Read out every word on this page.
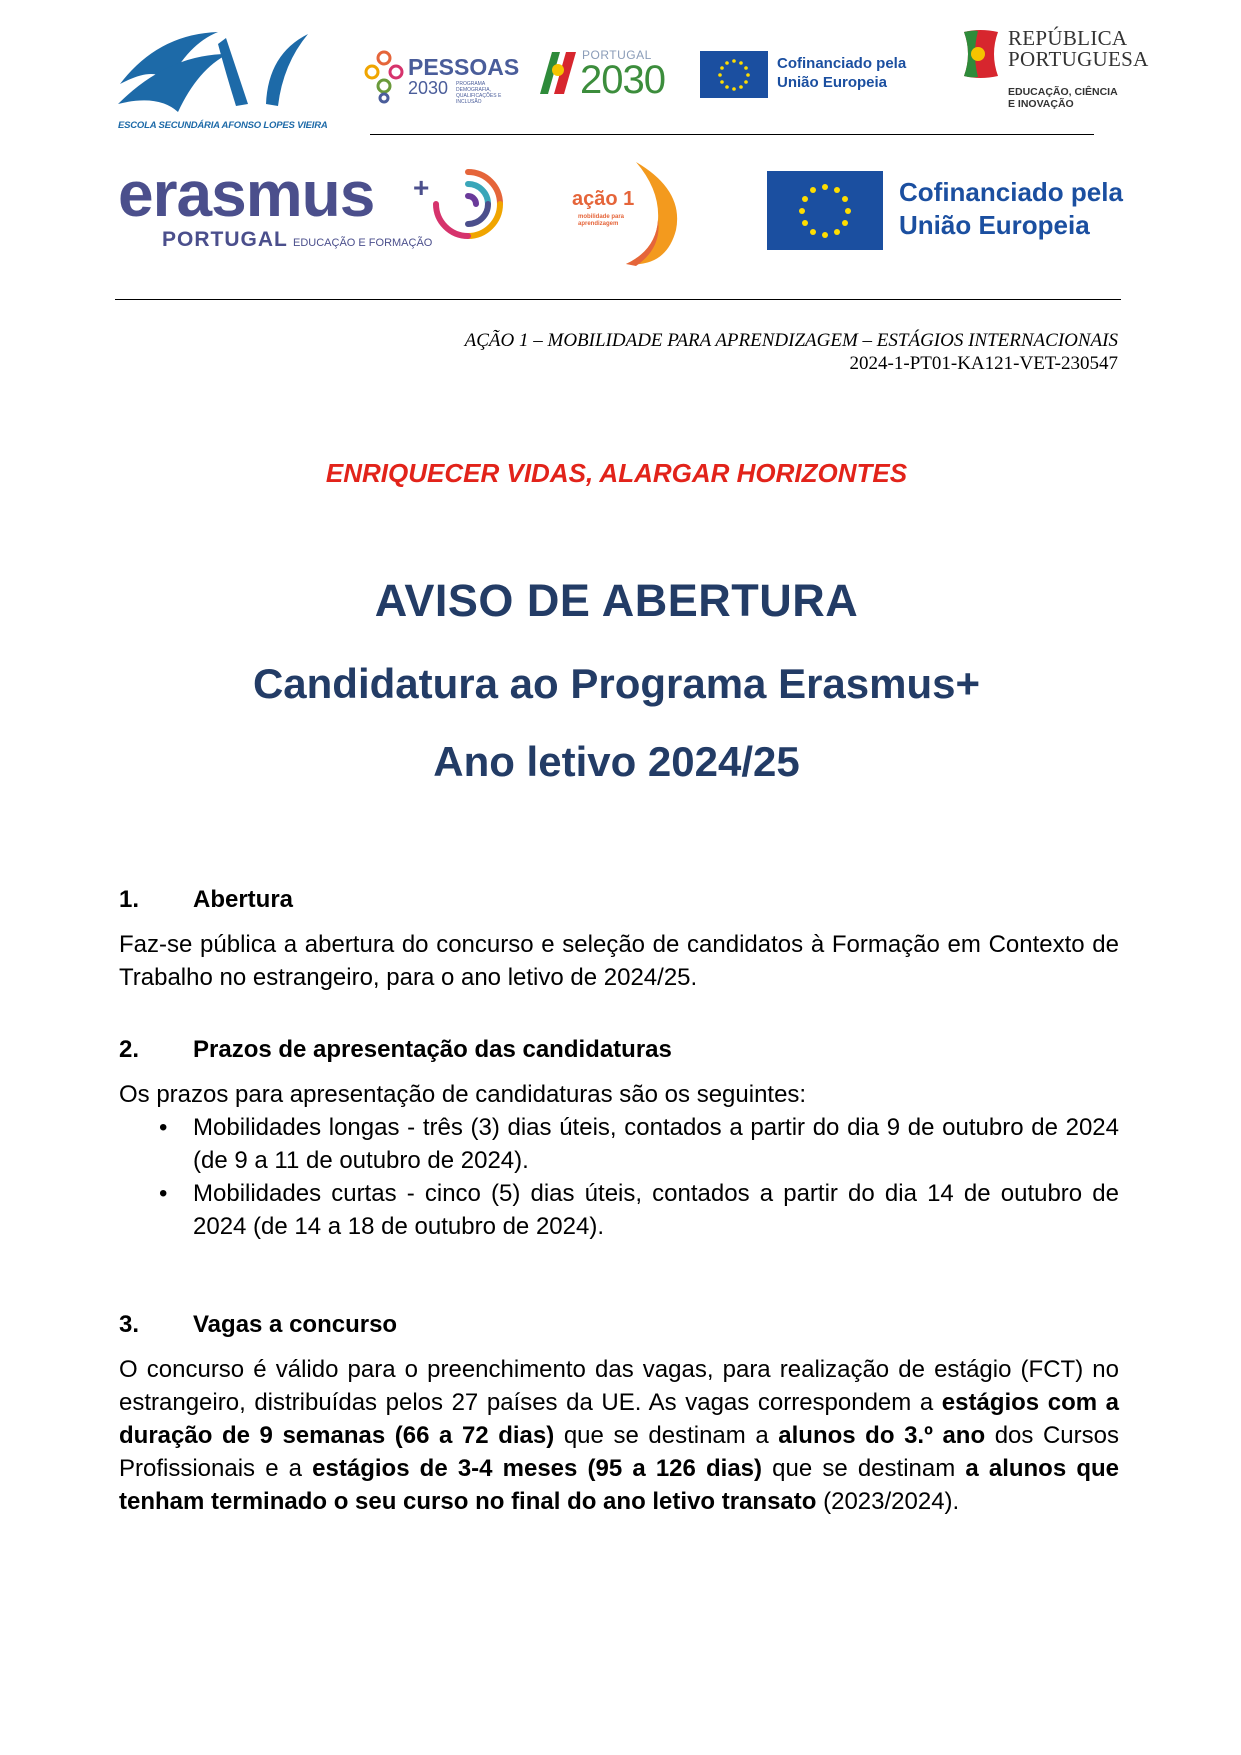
ESCOLA SECUNDÁRIA AFONSO LOPES VIEIRA
PESSOAS
2030 PROGRAMA DEMOGRAFIA, QUALIFICAÇÕES E INCLUSÃO
PORTUGAL
2030	Cofinanciado pela
União Europeia
REPÚBLICA
PORTUGUESA
EDUCAÇÃO, CIÊNCIA
E INOVAÇÃO
erasmus +
PORTUGAL EDUCAÇÃO E FORMAÇÃO
ação 1
mobilidade para aprendizagem
Cofinanciado pela
União Europeia
AÇÃO 1 – MOBILIDADE PARA APRENDIZAGEM – ESTÁGIOS INTERNACIONAIS
2024-1-PT01-KA121-VET-230547
ENRIQUECER VIDAS, ALARGAR HORIZONTES
AVISO DE ABERTURA
Candidatura ao Programa Erasmus+
Ano letivo 2024/25
1. Abertura
Faz-se pública a abertura do concurso e seleção de candidatos à Formação em Contexto de Trabalho no estrangeiro, para o ano letivo de 2024/25.
2. Prazos de apresentação das candidaturas
Os prazos para apresentação de candidaturas são os seguintes:
• Mobilidades longas - três (3) dias úteis, contados a partir do dia 9 de outubro de 2024 (de 9 a 11 de outubro de 2024).
• Mobilidades curtas - cinco (5) dias úteis, contados a partir do dia 14 de outubro de 2024 (de 14 a 18 de outubro de 2024).
3. Vagas a concurso
O concurso é válido para o preenchimento das vagas, para realização de estágio (FCT) no estrangeiro, distribuídas pelos 27 países da UE. As vagas correspondem a estágios com a duração de 9 semanas (66 a 72 dias) que se destinam a alunos do 3.º ano dos Cursos Profissionais e a estágios de 3-4 meses (95 a 126 dias) que se destinam a alunos que tenham terminado o seu curso no final do ano letivo transato (2023/2024).
